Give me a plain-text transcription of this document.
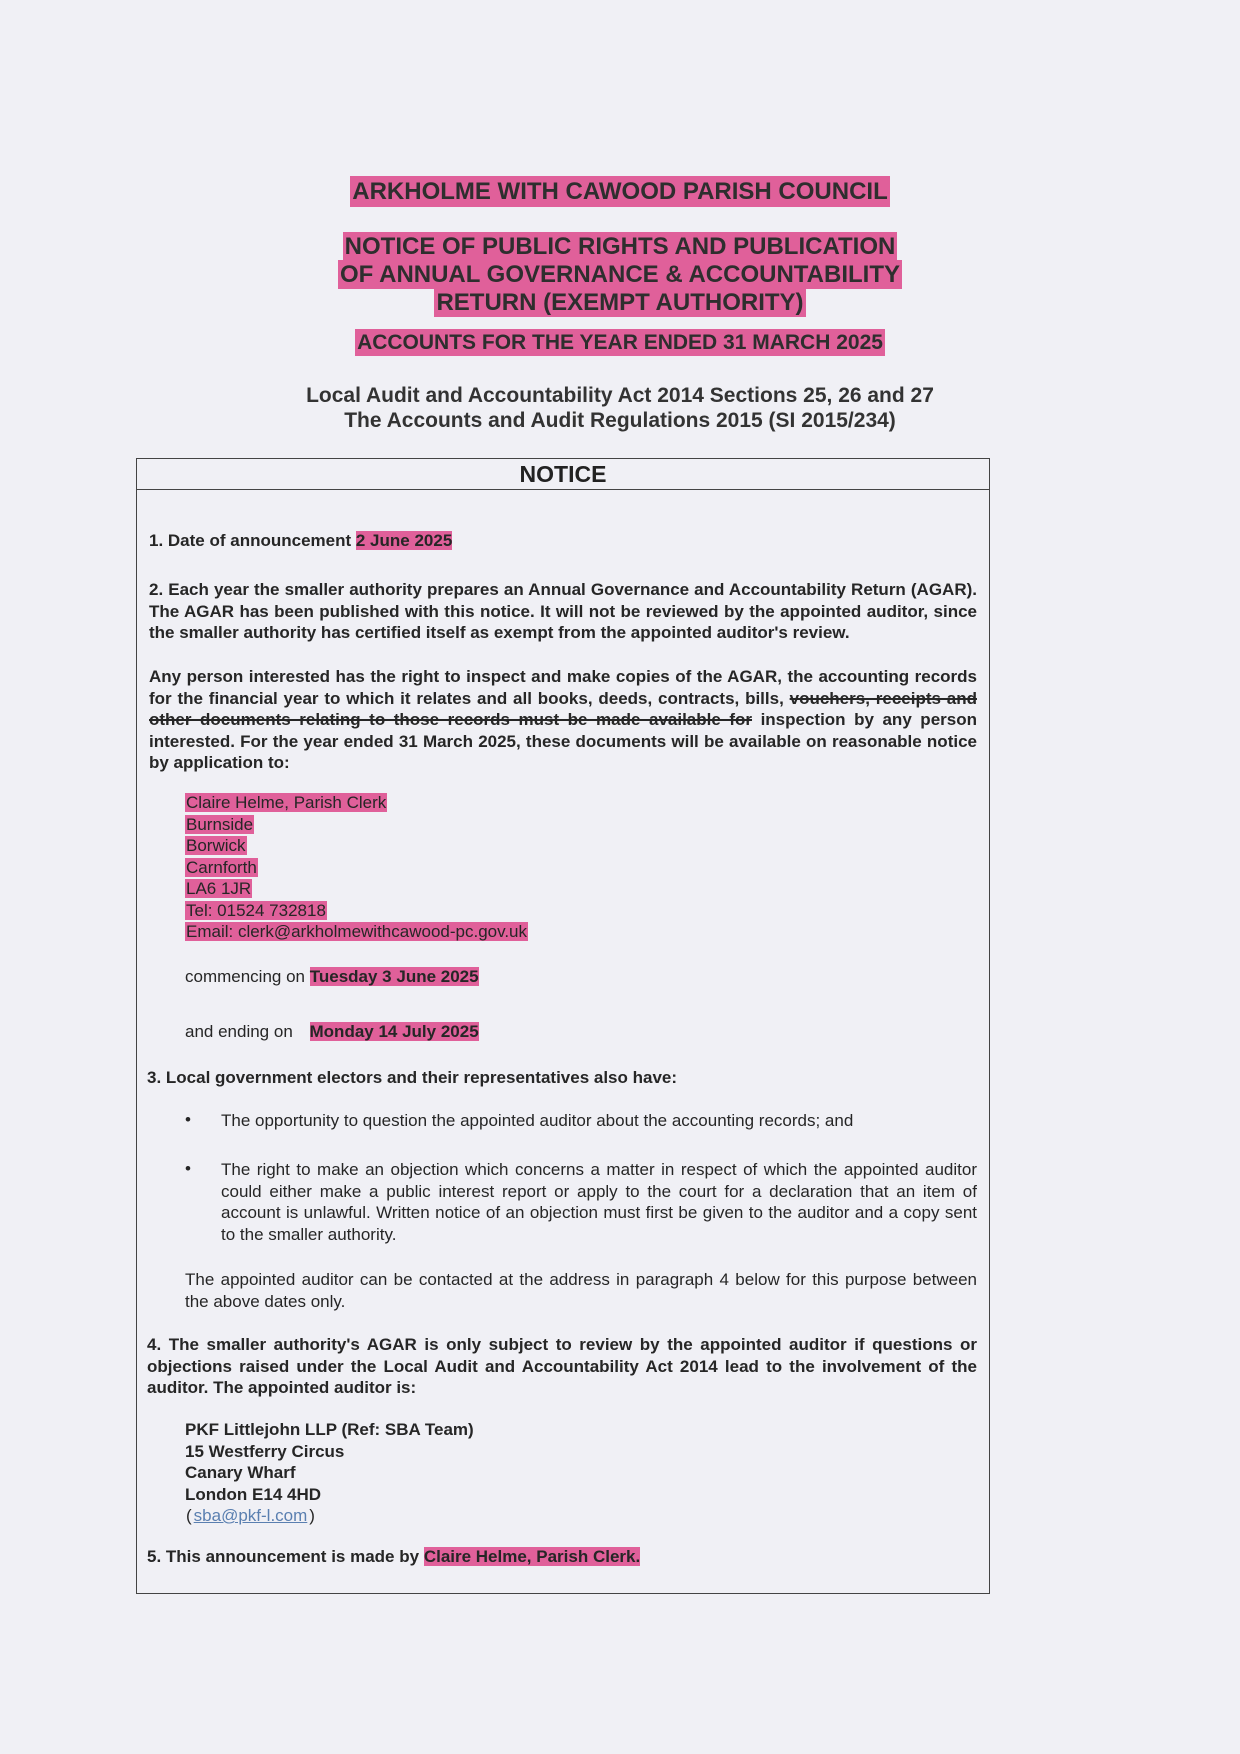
ARKHOLME WITH CAWOOD PARISH COUNCIL
NOTICE OF PUBLIC RIGHTS AND PUBLICATION
OF ANNUAL GOVERNANCE & ACCOUNTABILITY
RETURN (EXEMPT AUTHORITY)
ACCOUNTS FOR THE YEAR ENDED 31 MARCH 2025
Local Audit and Accountability Act 2014 Sections 25, 26 and 27
The Accounts and Audit Regulations 2015 (SI 2015/234)
NOTICE
1. Date of announcement 2 June 2025
2. Each year the smaller authority prepares an Annual Governance and Accountability Return (AGAR). The AGAR has been published with this notice. It will not be reviewed by the appointed auditor, since the smaller authority has certified itself as exempt from the appointed auditor's review.
Any person interested has the right to inspect and make copies of the AGAR, the accounting records for the financial year to which it relates and all books, deeds, contracts, bills, vouchers, receipts and other documents relating to those records must be made available for inspection by any person interested. For the year ended 31 March 2025, these documents will be available on reasonable notice by application to:
Claire Helme, Parish Clerk
Burnside
Borwick
Carnforth
LA6 1JR
Tel: 01524 732818
Email: clerk@arkholmewithcawood-pc.gov.uk
commencing on Tuesday 3 June 2025
and ending on Monday 14 July 2025
3. Local government electors and their representatives also have:
• The opportunity to question the appointed auditor about the accounting records; and
• The right to make an objection which concerns a matter in respect of which the appointed auditor could either make a public interest report or apply to the court for a declaration that an item of account is unlawful. Written notice of an objection must first be given to the auditor and a copy sent to the smaller authority.
The appointed auditor can be contacted at the address in paragraph 4 below for this purpose between the above dates only.
4. The smaller authority's AGAR is only subject to review by the appointed auditor if questions or objections raised under the Local Audit and Accountability Act 2014 lead to the involvement of the auditor. The appointed auditor is:
PKF Littlejohn LLP (Ref: SBA Team)
15 Westferry Circus
Canary Wharf
London E14 4HD
( sba@pkf-l.com )
5. This announcement is made by Claire Helme, Parish Clerk.
